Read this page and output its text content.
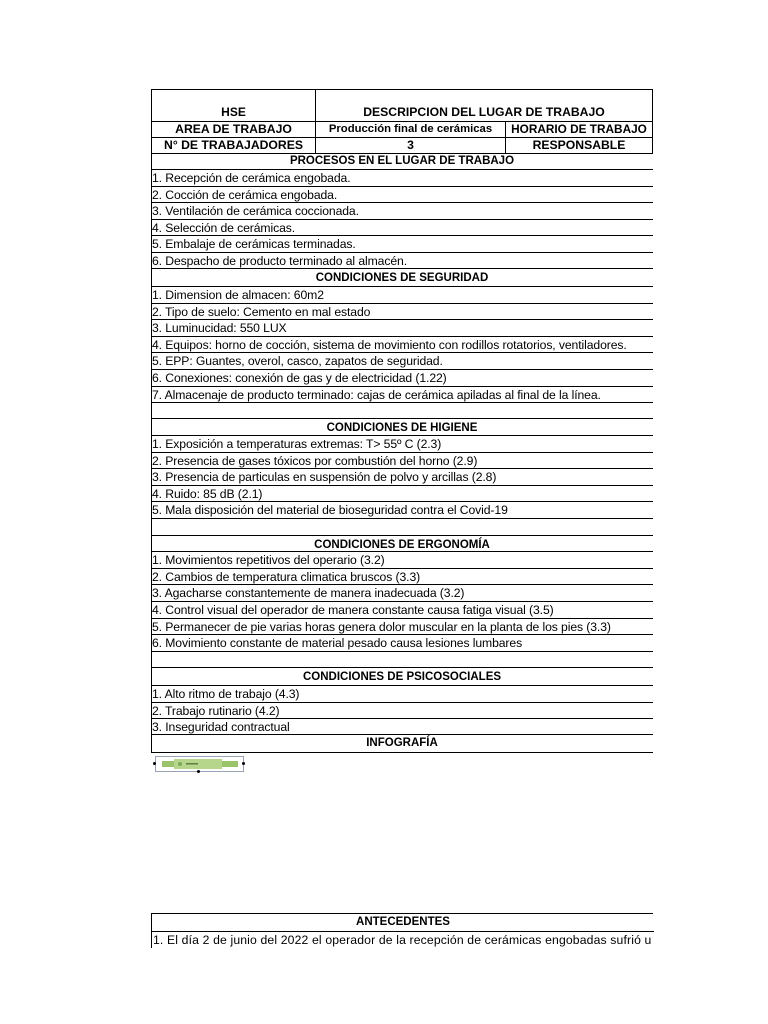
HSE	DESCRIPCION DEL LUGAR DE TRABAJO
AREA DE TRABAJO	Producción final de cerámicas	HORARIO DE TRABAJO
N° DE TRABAJADORES	3	RESPONSABLE
PROCESOS EN EL LUGAR DE TRABAJO
1. Recepción de cerámica engobada.
2. Cocción de cerámica engobada.
3. Ventilación de cerámica coccionada.
4. Selección de cerámicas.
5. Embalaje de cerámicas terminadas.
6. Despacho de producto terminado al almacén.
CONDICIONES DE SEGURIDAD
1. Dimension de almacen: 60m2
2. Tipo de suelo: Cemento en mal estado
3. Luminucidad: 550 LUX
4. Equipos: horno de cocción, sistema de movimiento con rodillos rotatorios, ventiladores.
5. EPP: Guantes, overol, casco, zapatos de seguridad.
6. Conexiones: conexión de gas y de electricidad (1.22)
7. Almacenaje de producto terminado: cajas de cerámica apiladas al final de la línea.
CONDICIONES DE HIGIENE
1. Exposición a temperaturas extremas: T> 55º C (2.3)
2. Presencia de gases tóxicos por combustión del horno (2.9)
3. Presencia de particulas en suspensión de polvo y arcillas (2.8)
4. Ruido: 85 dB (2.1)
5. Mala disposición del material de bioseguridad contra el Covid-19
CONDICIONES DE ERGONOMÍA
1. Movimientos repetitivos del operario (3.2)
2. Cambios de temperatura climatica bruscos (3.3)
3. Agacharse constantemente de manera inadecuada (3.2)
4. Control visual del operador de manera constante causa fatiga visual (3.5)
5. Permanecer de pie varias horas genera dolor muscular en la planta de los pies (3.3)
6. Movimiento constante de material pesado causa lesiones lumbares
CONDICIONES DE PSICOSOCIALES
1. Alto ritmo de trabajo (4.3)
2. Trabajo rutinario (4.2)
3. Inseguridad contractual
INFOGRAFÍA
ANTECEDENTES
1. El día 2 de junio del 2022 el operador de la recepción de cerámicas engobadas sufrió u
